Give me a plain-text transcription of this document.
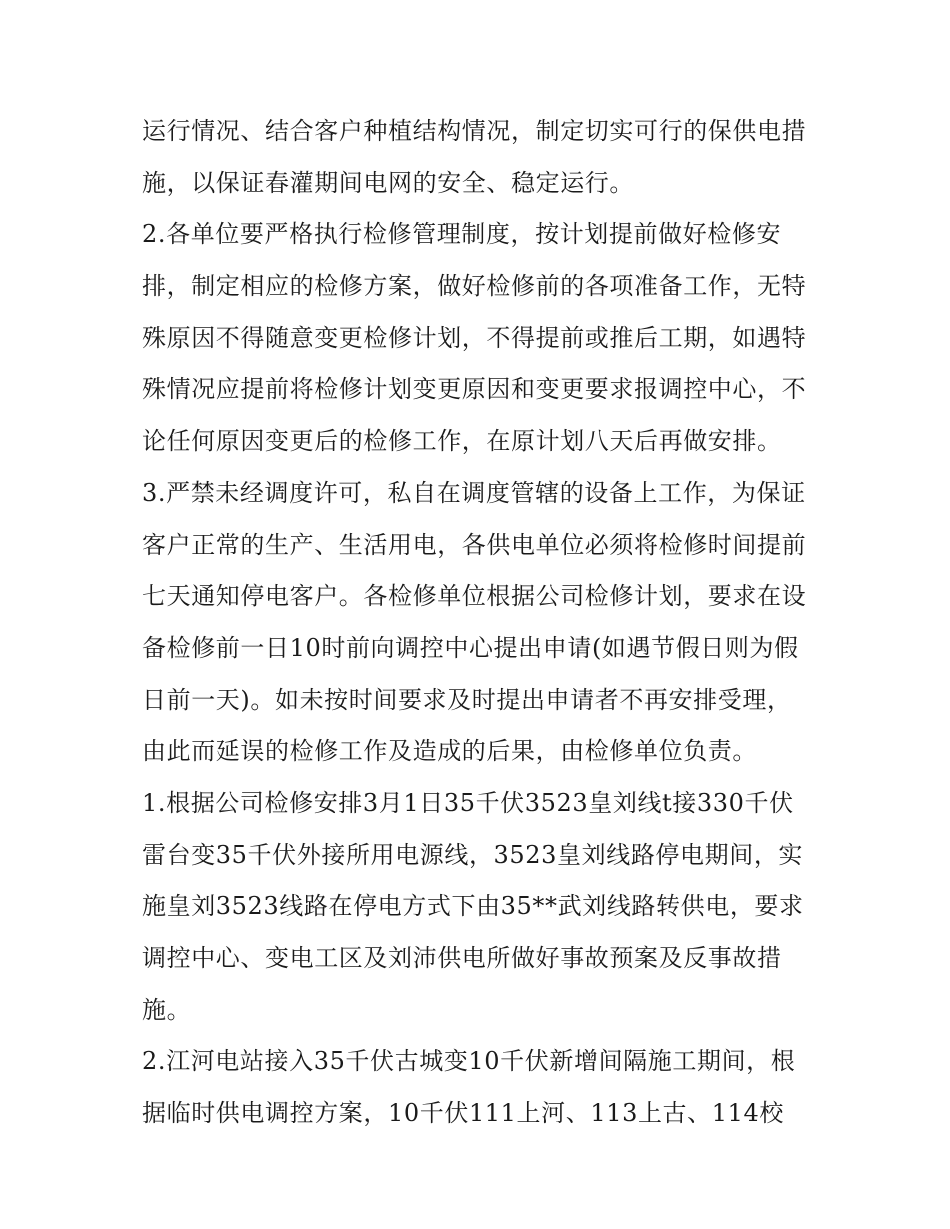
运行情况、结合客户种植结构情况，制定切实可行的保供电措
施，以保证春灌期间电网的安全、稳定运行。
2.各单位要严格执行检修管理制度，按计划提前做好检修安
排，制定相应的检修方案，做好检修前的各项准备工作，无特
殊原因不得随意变更检修计划，不得提前或推后工期，如遇特
殊情况应提前将检修计划变更原因和变更要求报调控中心，不
论任何原因变更后的检修工作，在原计划八天后再做安排。
3.严禁未经调度许可，私自在调度管辖的设备上工作，为保证
客户正常的生产、生活用电，各供电单位必须将检修时间提前
七天通知停电客户。各检修单位根据公司检修计划，要求在设
备检修前一日10时前向调控中心提出申请(如遇节假日则为假
日前一天)。如未按时间要求及时提出申请者不再安排受理，
由此而延误的检修工作及造成的后果，由检修单位负责。
1.根据公司检修安排3月1日35千伏3523皇刘线t接330千伏
雷台变35千伏外接所用电源线，3523皇刘线路停电期间，实
施皇刘3523线路在停电方式下由35**武刘线路转供电，要求
调控中心、变电工区及刘沛供电所做好事故预案及反事故措
施。
2.江河电站接入35千伏古城变10千伏新增间隔施工期间，根
据临时供电调控方案，10千伏111上河、113上古、114校
